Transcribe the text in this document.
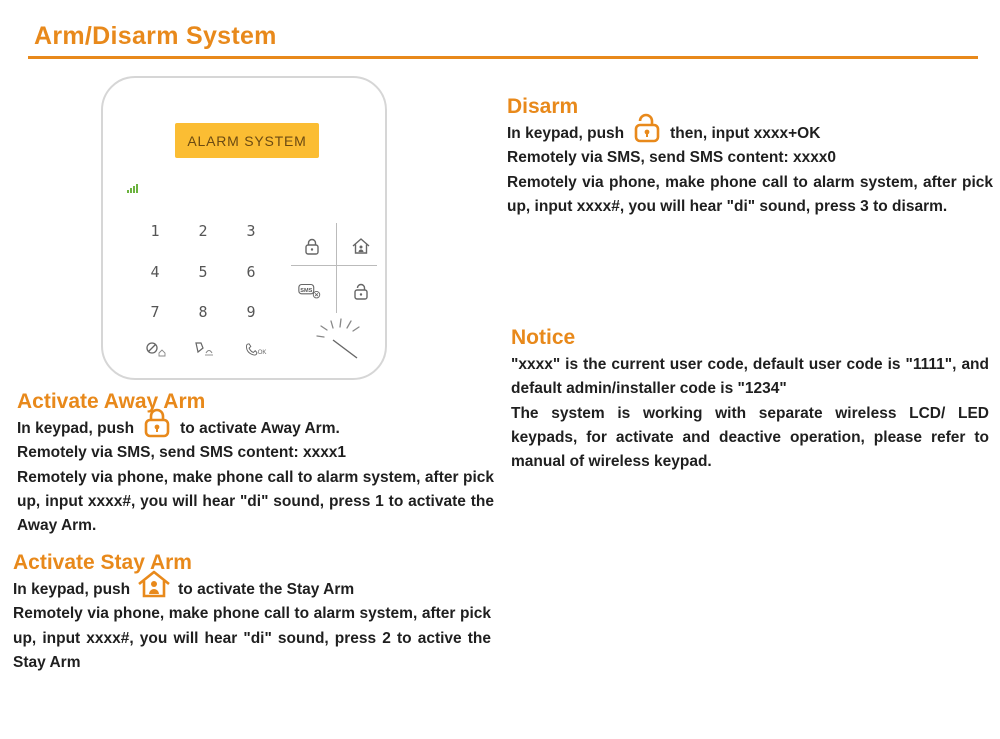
Arm/Disarm System
ALARM SYSTEM
1	2	3
4	5	6
7	8	9
SMS
OK
Disarm

In keypad, push	then, input xxxx+OK

Remotely via SMS, send SMS content: xxxx0

Remotely via phone, make phone call to alarm system, after pick up, input xxxx#, you will hear "di" sound, press 3 to disarm.

Notice

"xxxx" is the current user code, default user code is "1111", and default admin/installer code is "1234"

The system is working with separate wireless LCD/ LED keypads, for activate and deactive operation, please refer to manual of wireless keypad.

Activate Away Arm

In keypad, push	to activate Away Arm.

Remotely via SMS, send SMS content: xxxx1

Remotely via phone, make phone call to alarm system, after pick up, input xxxx#, you will hear "di" sound, press 1 to activate the Away Arm.

Activate Stay Arm

In keypad, push	to activate the Stay Arm

Remotely via phone, make phone call to alarm system, after pick up, input xxxx#, you will hear "di" sound, press 2 to active the Stay Arm
